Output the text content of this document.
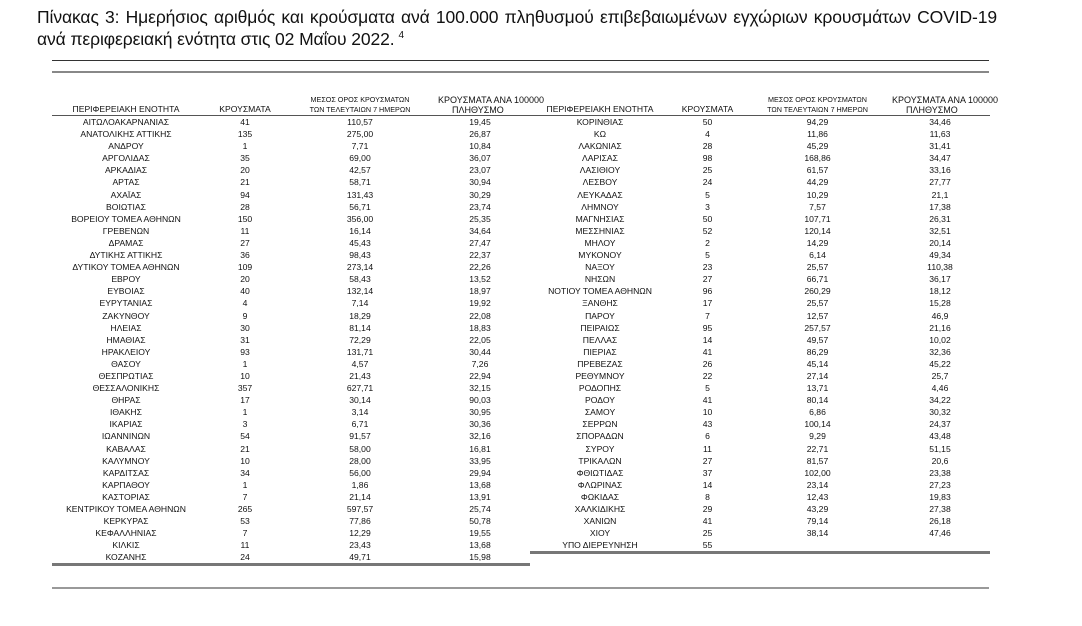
Πίνακας 3: Ημερήσιος αριθμός και κρούσματα ανά 100.000 πληθυσμού επιβεβαιωμένων εγχώριων κρουσμάτων COVID-19 ανά περιφερειακή ενότητα στις 02 Μαΐου 2022. $^4$
ΠΕΡΙΦΕΡΕΙΑΚΗ ΕΝΟΤΗΤΑ	ΚΡΟΥΣΜΑΤΑ	ΜΕΣΟΣ ΟΡΟΣ ΚΡΟΥΣΜΑΤΩΝ
ΤΩΝ ΤΕΛΕΥΤΑΙΩΝ 7 ΗΜΕΡΩΝ	ΚΡΟΥΣΜΑΤΑ ΑΝΑ 100000
ΠΛΗΘΥΣΜΟ
ΑΙΤΩΛΟΑΚΑΡΝΑΝΙΑΣ	41	110,57	19,45
ΑΝΑΤΟΛΙΚΗΣ ΑΤΤΙΚΗΣ	135	275,00	26,87
ΑΝΔΡΟΥ	1	7,71	10,84
ΑΡΓΟΛΙΔΑΣ	35	69,00	36,07
ΑΡΚΑΔΙΑΣ	20	42,57	23,07
ΑΡΤΑΣ	21	58,71	30,94
ΑΧΑΪΑΣ	94	131,43	30,29
ΒΟΙΩΤΙΑΣ	28	56,71	23,74
ΒΟΡΕΙΟΥ ΤΟΜΕΑ ΑΘΗΝΩΝ	150	356,00	25,35
ΓΡΕΒΕΝΩΝ	11	16,14	34,64
ΔΡΑΜΑΣ	27	45,43	27,47
ΔΥΤΙΚΗΣ ΑΤΤΙΚΗΣ	36	98,43	22,37
ΔΥΤΙΚΟΥ ΤΟΜΕΑ ΑΘΗΝΩΝ	109	273,14	22,26
ΕΒΡΟΥ	20	58,43	13,52
ΕΥΒΟΙΑΣ	40	132,14	18,97
ΕΥΡΥΤΑΝΙΑΣ	4	7,14	19,92
ΖΑΚΥΝΘΟΥ	9	18,29	22,08
ΗΛΕΙΑΣ	30	81,14	18,83
ΗΜΑΘΙΑΣ	31	72,29	22,05
ΗΡΑΚΛΕΙΟΥ	93	131,71	30,44
ΘΑΣΟΥ	1	4,57	7,26
ΘΕΣΠΡΩΤΙΑΣ	10	21,43	22,94
ΘΕΣΣΑΛΟΝΙΚΗΣ	357	627,71	32,15
ΘΗΡΑΣ	17	30,14	90,03
ΙΘΑΚΗΣ	1	3,14	30,95
ΙΚΑΡΙΑΣ	3	6,71	30,36
ΙΩΑΝΝΙΝΩΝ	54	91,57	32,16
ΚΑΒΑΛΑΣ	21	58,00	16,81
ΚΑΛΥΜΝΟΥ	10	28,00	33,95
ΚΑΡΔΙΤΣΑΣ	34	56,00	29,94
ΚΑΡΠΑΘΟΥ	1	1,86	13,68
ΚΑΣΤΟΡΙΑΣ	7	21,14	13,91
ΚΕΝΤΡΙΚΟΥ ΤΟΜΕΑ ΑΘΗΝΩΝ	265	597,57	25,74
ΚΕΡΚΥΡΑΣ	53	77,86	50,78
ΚΕΦΑΛΛΗΝΙΑΣ	7	12,29	19,55
ΚΙΛΚΙΣ	11	23,43	13,68
ΚΟΖΑΝΗΣ	24	49,71	15,98
ΠΕΡΙΦΕΡΕΙΑΚΗ ΕΝΟΤΗΤΑ	ΚΡΟΥΣΜΑΤΑ	ΜΕΣΟΣ ΟΡΟΣ ΚΡΟΥΣΜΑΤΩΝ
ΤΩΝ ΤΕΛΕΥΤΑΙΩΝ 7 ΗΜΕΡΩΝ	ΚΡΟΥΣΜΑΤΑ ΑΝΑ 100000
ΠΛΗΘΥΣΜΟ
ΚΟΡΙΝΘΙΑΣ	50	94,29	34,46
ΚΩ	4	11,86	11,63
ΛΑΚΩΝΙΑΣ	28	45,29	31,41
ΛΑΡΙΣΑΣ	98	168,86	34,47
ΛΑΣΙΘΙΟΥ	25	61,57	33,16
ΛΕΣΒΟΥ	24	44,29	27,77
ΛΕΥΚΑΔΑΣ	5	10,29	21,1
ΛΗΜΝΟΥ	3	7,57	17,38
ΜΑΓΝΗΣΙΑΣ	50	107,71	26,31
ΜΕΣΣΗΝΙΑΣ	52	120,14	32,51
ΜΗΛΟΥ	2	14,29	20,14
ΜΥΚΟΝΟΥ	5	6,14	49,34
ΝΑΞΟΥ	23	25,57	110,38
ΝΗΣΩΝ	27	66,71	36,17
ΝΟΤΙΟΥ ΤΟΜΕΑ ΑΘΗΝΩΝ	96	260,29	18,12
ΞΑΝΘΗΣ	17	25,57	15,28
ΠΑΡΟΥ	7	12,57	46,9
ΠΕΙΡΑΙΩΣ	95	257,57	21,16
ΠΕΛΛΑΣ	14	49,57	10,02
ΠΙΕΡΙΑΣ	41	86,29	32,36
ΠΡΕΒΕΖΑΣ	26	45,14	45,22
ΡΕΘΥΜΝΟΥ	22	27,14	25,7
ΡΟΔΟΠΗΣ	5	13,71	4,46
ΡΟΔΟΥ	41	80,14	34,22
ΣΑΜΟΥ	10	6,86	30,32
ΣΕΡΡΩΝ	43	100,14	24,37
ΣΠΟΡΑΔΩΝ	6	9,29	43,48
ΣΥΡΟΥ	11	22,71	51,15
ΤΡΙΚΑΛΩΝ	27	81,57	20,6
ΦΘΙΩΤΙΔΑΣ	37	102,00	23,38
ΦΛΩΡΙΝΑΣ	14	23,14	27,23
ΦΩΚΙΔΑΣ	8	12,43	19,83
ΧΑΛΚΙΔΙΚΗΣ	29	43,29	27,38
ΧΑΝΙΩΝ	41	79,14	26,18
ΧΙΟΥ	25	38,14	47,46
ΥΠΟ ΔΙΕΡΕΥΝΗΣΗ	55		
